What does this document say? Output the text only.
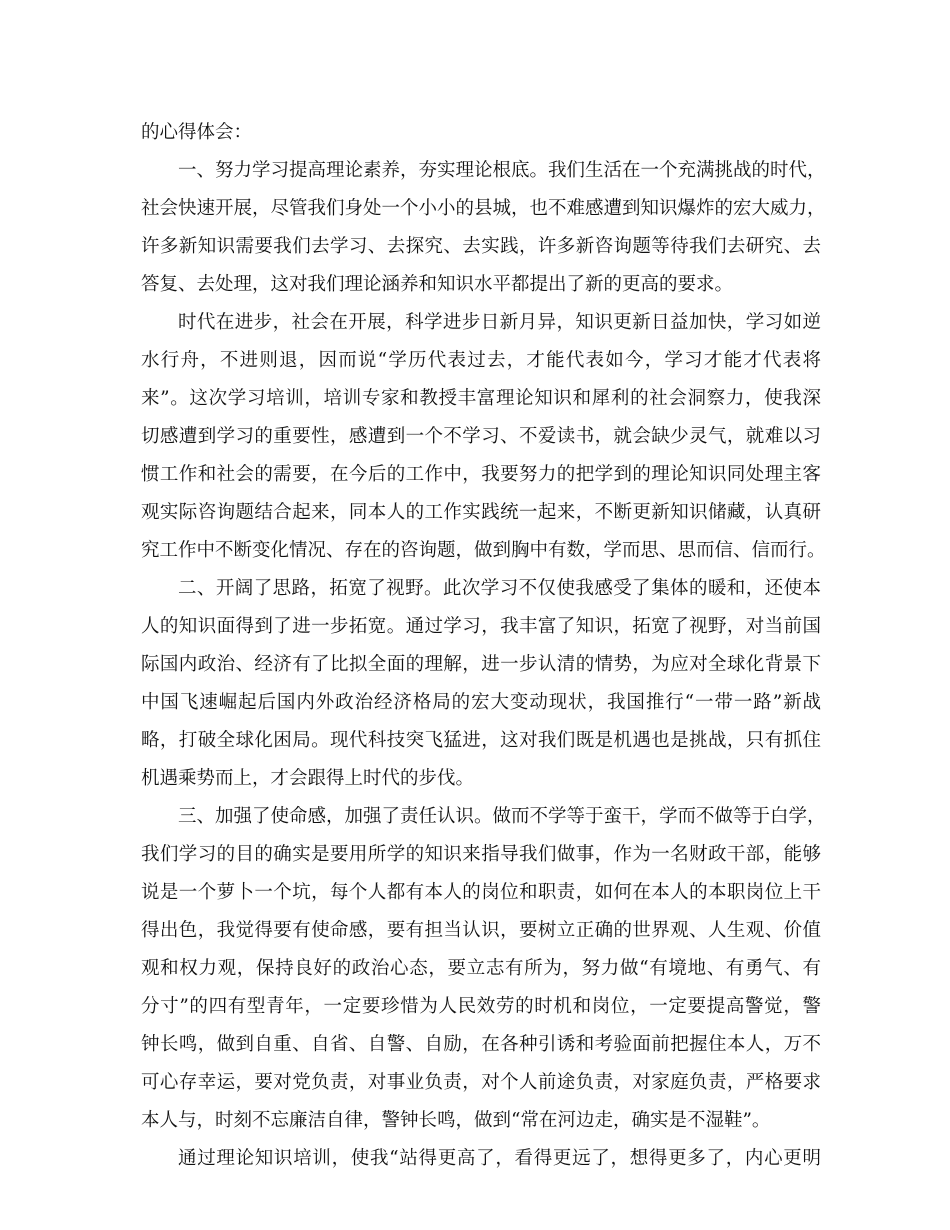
的心得体会：
一、努力学习提高理论素养，夯实理论根底。我们生活在一个充满挑战的时代，
社会快速开展，尽管我们身处一个小小的县城，也不难感遭到知识爆炸的宏大威力，
许多新知识需要我们去学习、去探究、去实践，许多新咨询题等待我们去研究、去
答复、去处理，这对我们理论涵养和知识水平都提出了新的更高的要求。
时代在进步，社会在开展，科学进步日新月异，知识更新日益加快，学习如逆
水行舟，不进则退，因而说“学历代表过去，才能代表如今，学习才能才代表将
来”。这次学习培训，培训专家和教授丰富理论知识和犀利的社会洞察力，使我深
切感遭到学习的重要性，感遭到一个不学习、不爱读书，就会缺少灵气，就难以习
惯工作和社会的需要，在今后的工作中，我要努力的把学到的理论知识同处理主客
观实际咨询题结合起来，同本人的工作实践统一起来，不断更新知识储藏，认真研
究工作中不断变化情况、存在的咨询题，做到胸中有数，学而思、思而信、信而行。
二、开阔了思路，拓宽了视野。此次学习不仅使我感受了集体的暖和，还使本
人的知识面得到了进一步拓宽。通过学习，我丰富了知识，拓宽了视野，对当前国
际国内政治、经济有了比拟全面的理解，进一步认清的情势，为应对全球化背景下
中国飞速崛起后国内外政治经济格局的宏大变动现状，我国推行“一带一路”新战
略，打破全球化困局。现代科技突飞猛进，这对我们既是机遇也是挑战，只有抓住
机遇乘势而上，才会跟得上时代的步伐。
三、加强了使命感，加强了责任认识。做而不学等于蛮干，学而不做等于白学，
我们学习的目的确实是要用所学的知识来指导我们做事，作为一名财政干部，能够
说是一个萝卜一个坑，每个人都有本人的岗位和职责，如何在本人的本职岗位上干
得出色，我觉得要有使命感，要有担当认识，要树立正确的世界观、人生观、价值
观和权力观，保持良好的政治心态，要立志有所为，努力做“有境地、有勇气、有
分寸”的四有型青年，一定要珍惜为人民效劳的时机和岗位，一定要提高警觉，警
钟长鸣，做到自重、自省、自警、自励，在各种引诱和考验面前把握住本人，万不
可心存幸运，要对党负责，对事业负责，对个人前途负责，对家庭负责，严格要求
本人与，时刻不忘廉洁自律，警钟长鸣，做到“常在河边走，确实是不湿鞋”。
通过理论知识培训，使我“站得更高了，看得更远了，想得更多了，内心更明
